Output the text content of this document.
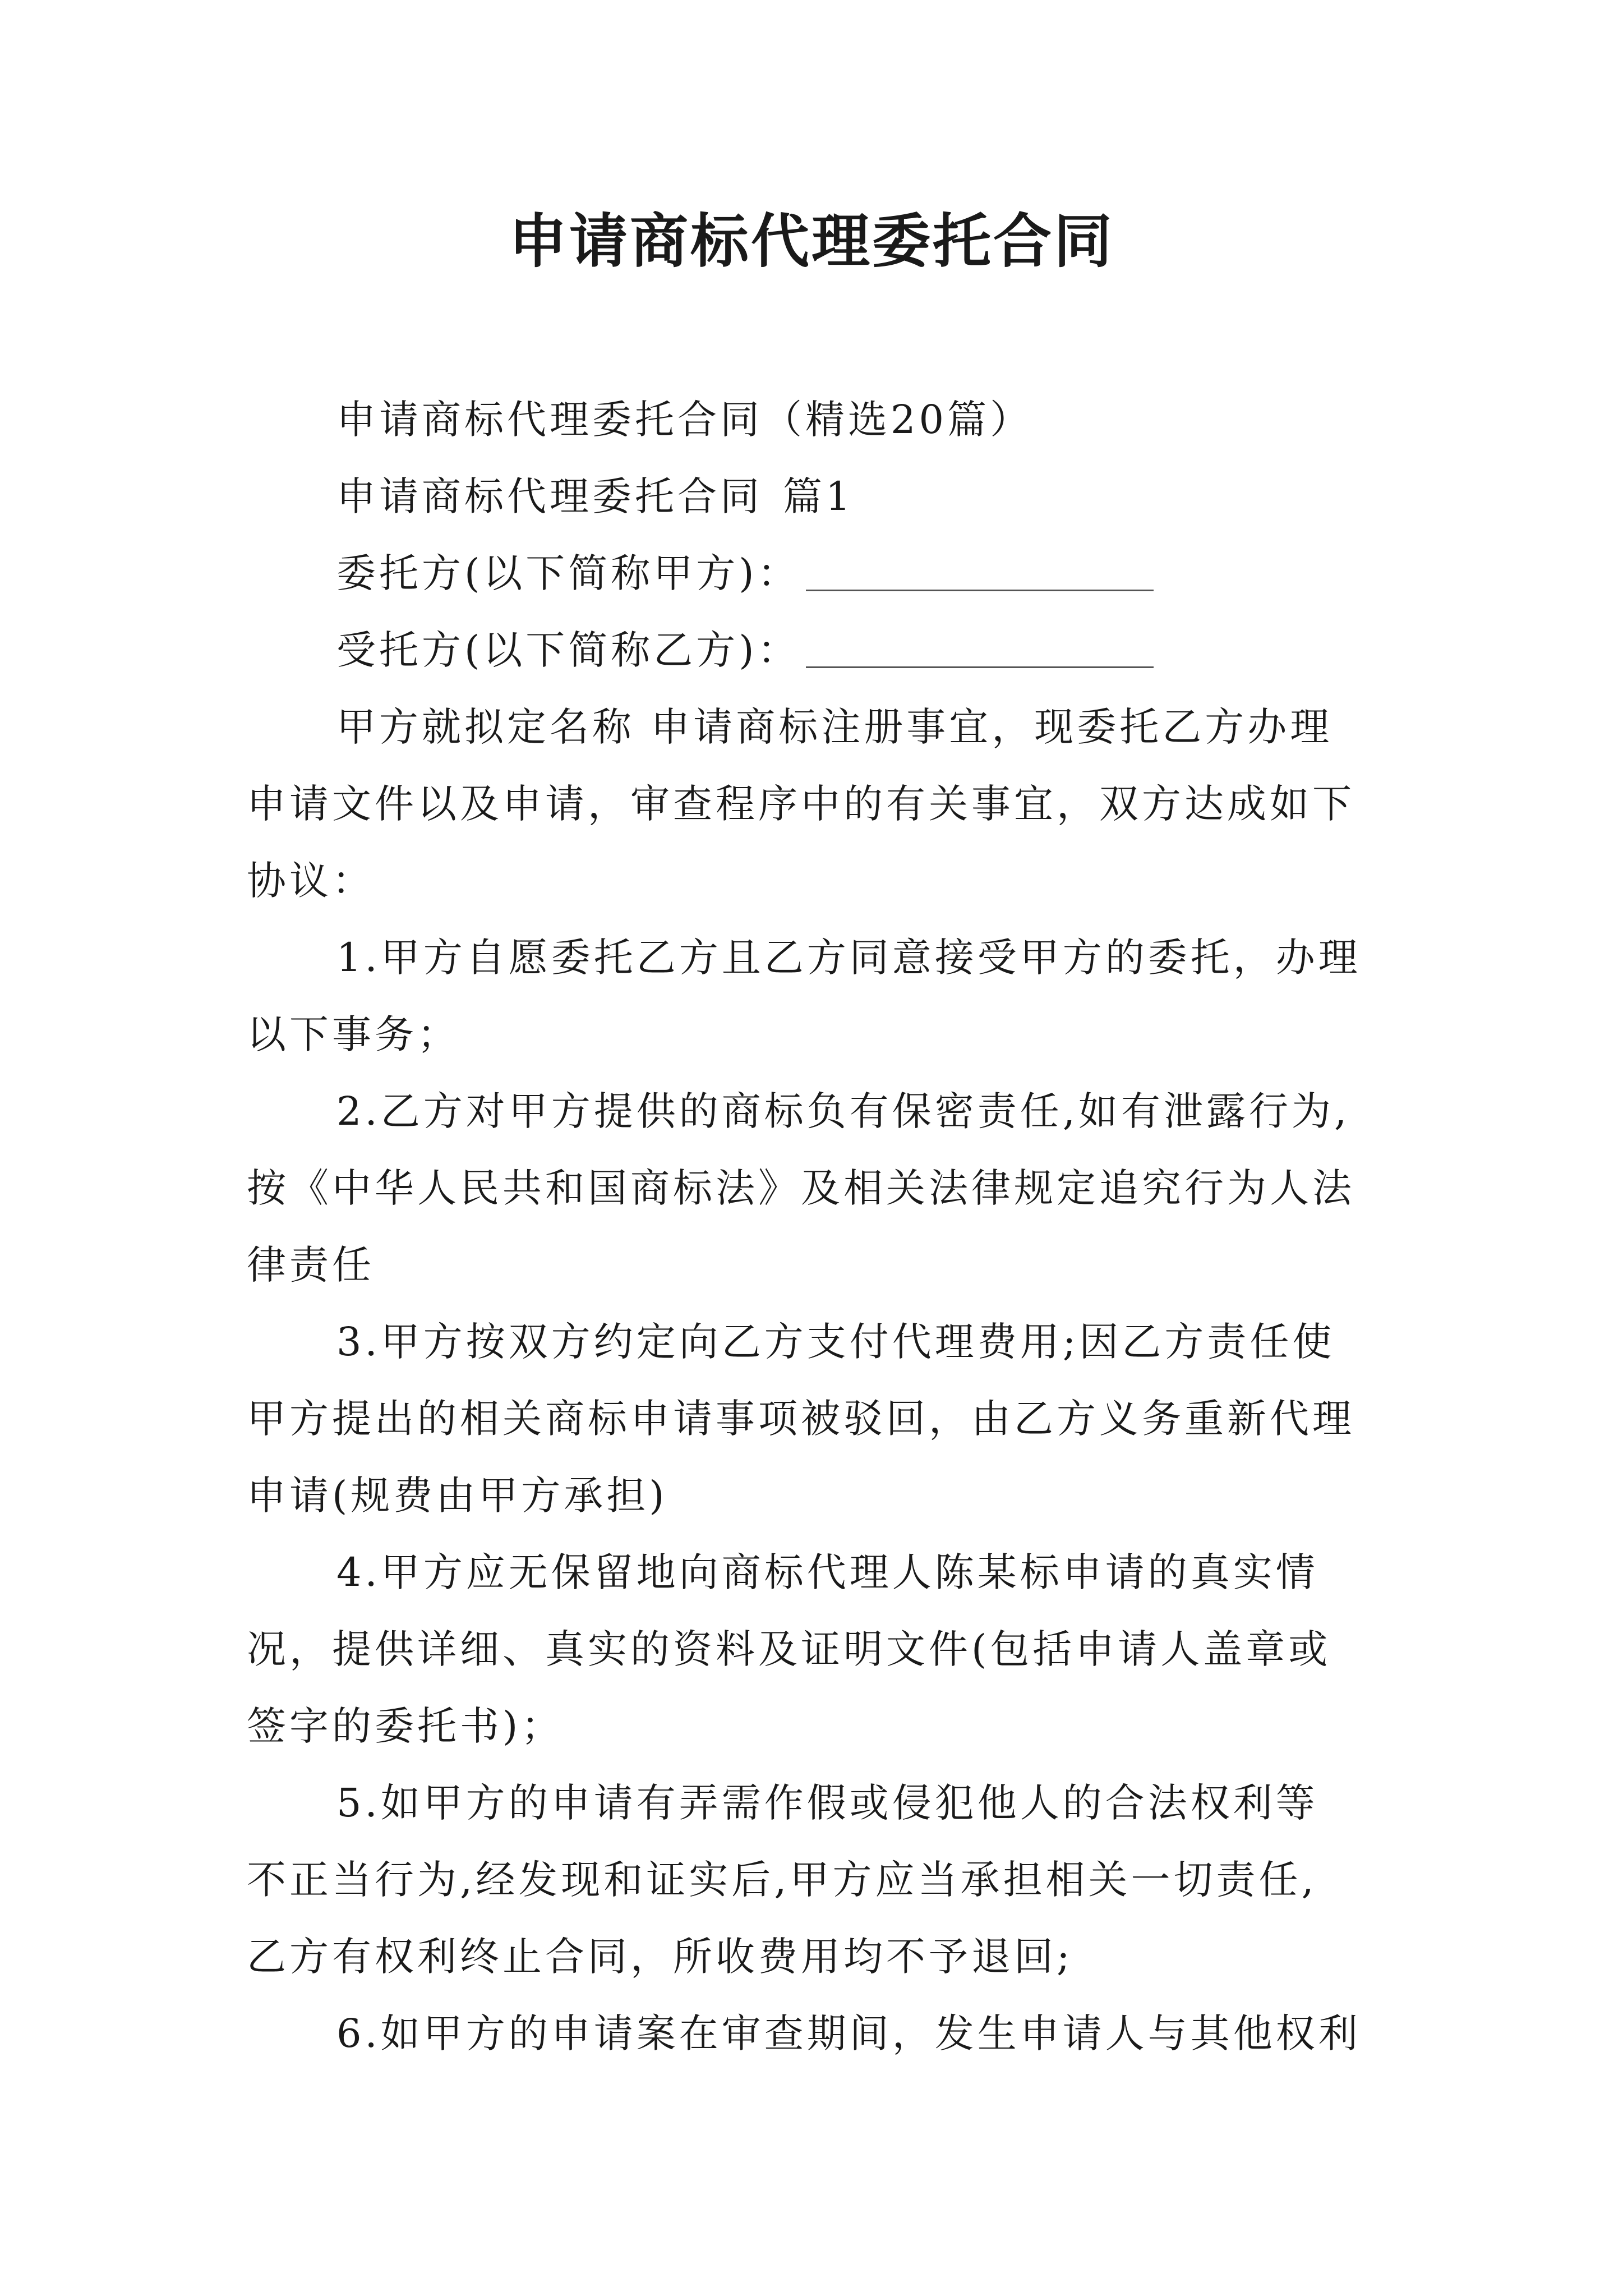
申请商标代理委托合同

申请商标代理委托合同（精选20篇）

申请商标代理委托合同 篇1

委托方(以下简称甲方)：

受托方(以下简称乙方)：

甲方就拟定名称 申请商标注册事宜，现委托乙方办理

申请文件以及申请，审查程序中的有关事宜，双方达成如下

协议：

1.甲方自愿委托乙方且乙方同意接受甲方的委托，办理

以下事务；

2.乙方对甲方提供的商标负有保密责任,如有泄露行为,

按《中华人民共和国商标法》及相关法律规定追究行为人法

律责任

3.甲方按双方约定向乙方支付代理费用;因乙方责任使

甲方提出的相关商标申请事项被驳回，由乙方义务重新代理

申请(规费由甲方承担)

4.甲方应无保留地向商标代理人陈某标申请的真实情

况，提供详细、真实的资料及证明文件(包括申请人盖章或

签字的委托书)；

5.如甲方的申请有弄需作假或侵犯他人的合法权利等

不正当行为,经发现和证实后,甲方应当承担相关一切责任,

乙方有权利终止合同，所收费用均不予退回;

6.如甲方的申请案在审查期间，发生申请人与其他权利
